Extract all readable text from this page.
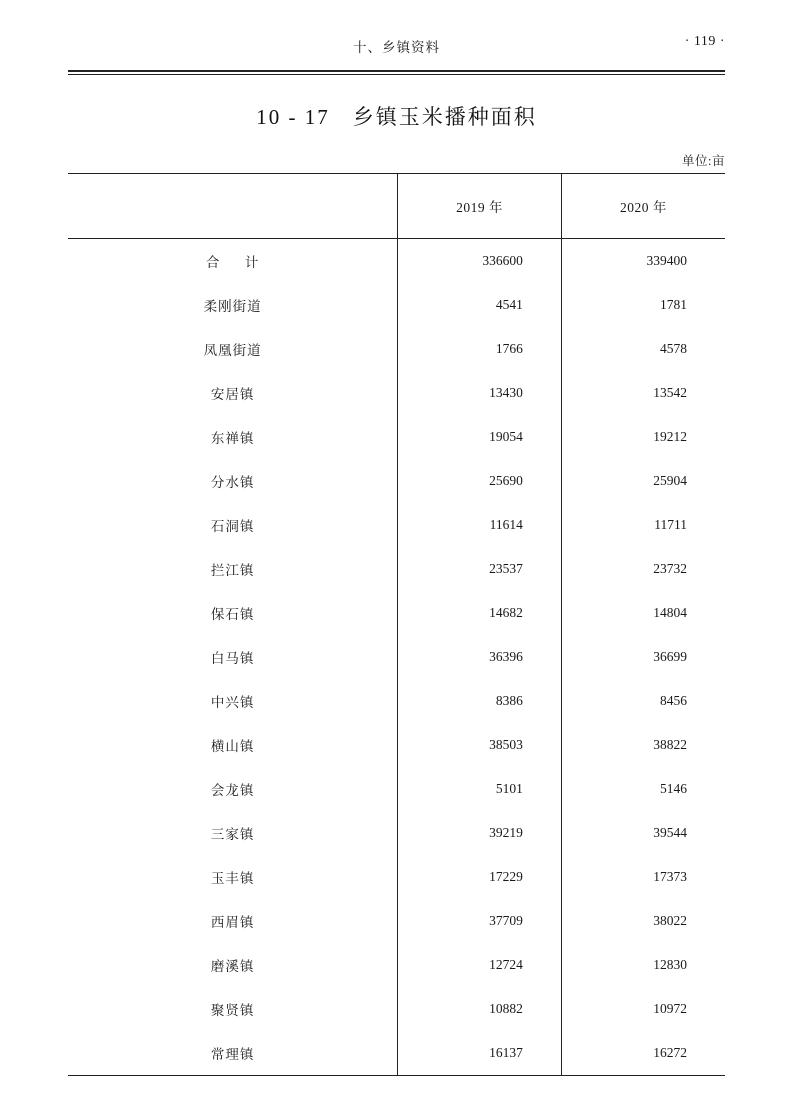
十、乡镇资料	· 119 ·
10 - 17　乡镇玉米播种面积
单位:亩
	2019 年	2020 年
合　计	336600	339400
柔刚街道	4541	1781
凤凰街道	1766	4578
安居镇	13430	13542
东禅镇	19054	19212
分水镇	25690	25904
石洞镇	11614	11711
拦江镇	23537	23732
保石镇	14682	14804
白马镇	36396	36699
中兴镇	8386	8456
横山镇	38503	38822
会龙镇	5101	5146
三家镇	39219	39544
玉丰镇	17229	17373
西眉镇	37709	38022
磨溪镇	12724	12830
聚贤镇	10882	10972
常理镇	16137	16272
